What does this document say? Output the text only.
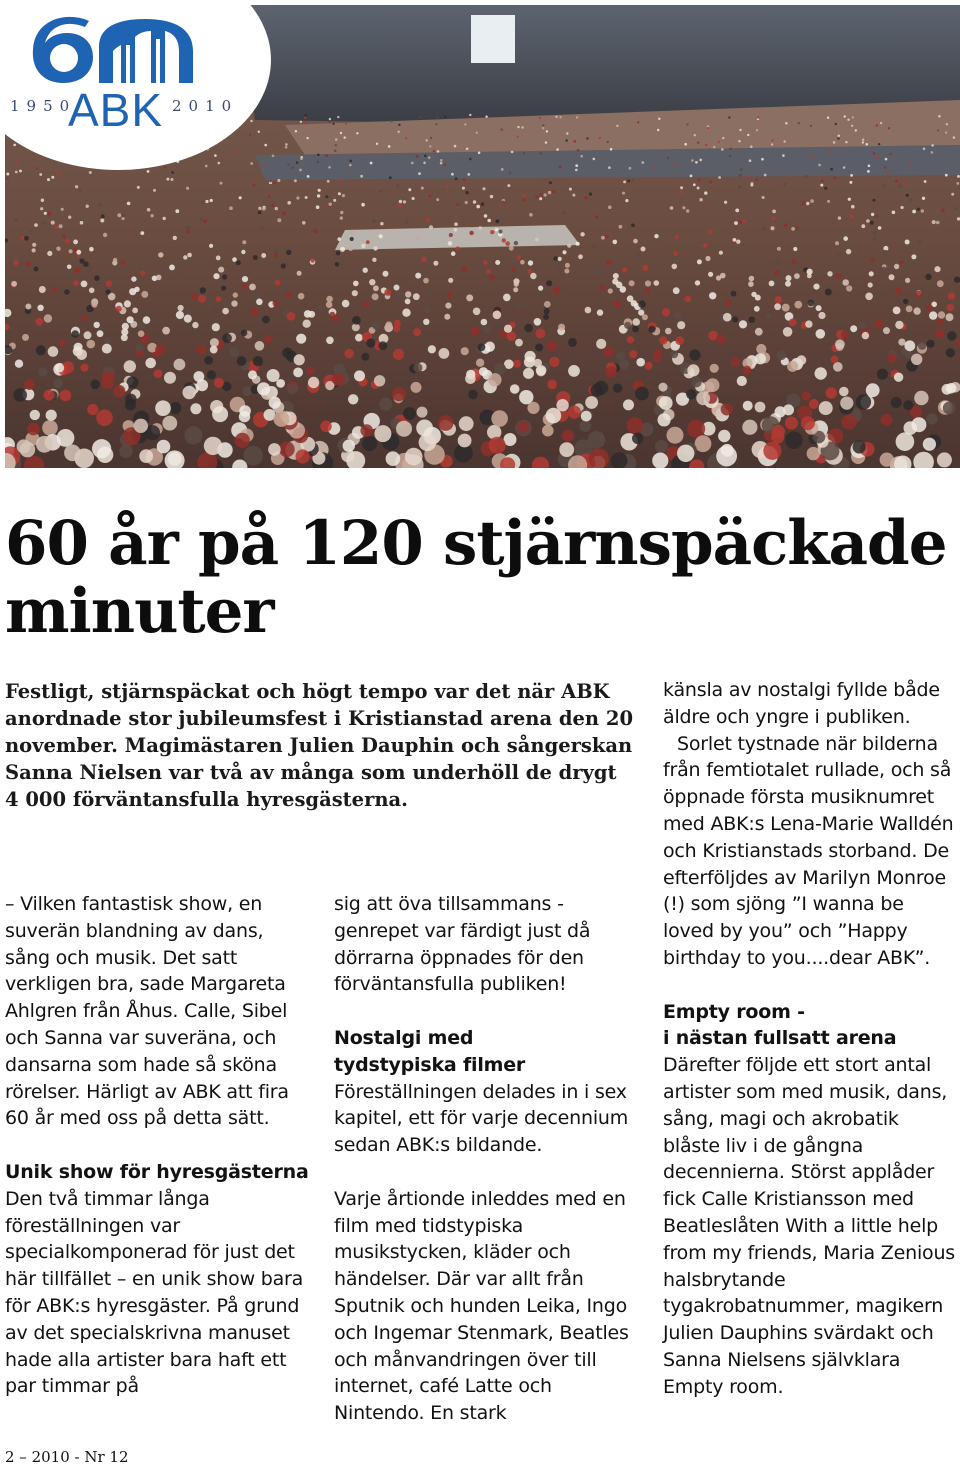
1950	2010
ABK
60 år på 120 stjärnspäckade minuter

Festligt, stjärnspäckat och högt tempo var det när ABK anordnade stor jubileumsfest i Kristianstad arena den 20 november. Magimästaren Julien Dauphin och sångerskan Sanna Nielsen var två av många som underhöll de drygt 4 000 förväntansfulla hyresgästerna.

– Vilken fantastisk show, en suverän blandning av dans, sång och musik. Det satt verkligen bra, sade Margareta Ahlgren från Åhus. Calle, Sibel och Sanna var suveräna, och dansarna som hade så sköna rörelser. Härligt av ABK att fira 60 år med oss på detta sätt.

Unik show för hyresgästerna

Den två timmar långa föreställningen var specialkomponerad för just det här tillfället – en unik show bara för ABK:s hyresgäster. På grund av det specialskrivna manuset hade alla artister bara haft ett par timmar på

sig att öva tillsammans - genrepet var färdigt just då dörrarna öppnades för den förväntansfulla publiken!

Nostalgi med

tydstypiska filmer

Föreställningen delades in i sex kapitel, ett för varje decennium sedan ABK:s bildande.

Varje årtionde inleddes med en film med tidstypiska musikstycken, kläder och händelser. Där var allt från Sputnik och hunden Leika, Ingo och Ingemar Stenmark, Beatles och månvandringen över till internet, café Latte och Nintendo. En stark

känsla av nostalgi fyllde både äldre och yngre i publiken.

Sorlet tystnade när bilderna från femtiotalet rullade, och så öppnade första musiknumret med ABK:s Lena-Marie Walldén och Kristianstads storband. De efterföljdes av Marilyn Monroe (!) som sjöng ”I wanna be loved by you” och ”Happy birthday to you....dear ABK”.

Empty room -

i nästan fullsatt arena

Därefter följde ett stort antal artister som med musik, dans, sång, magi och akrobatik blåste liv i de gångna decennierna. Störst applåder fick Calle Kristiansson med Beatleslåten With a little help from my friends, Maria Zenious halsbrytande tygakrobatnummer, magikern Julien Dauphins svärdakt och Sanna Nielsens självklara Empty room.

2 – 2010 - Nr 12
